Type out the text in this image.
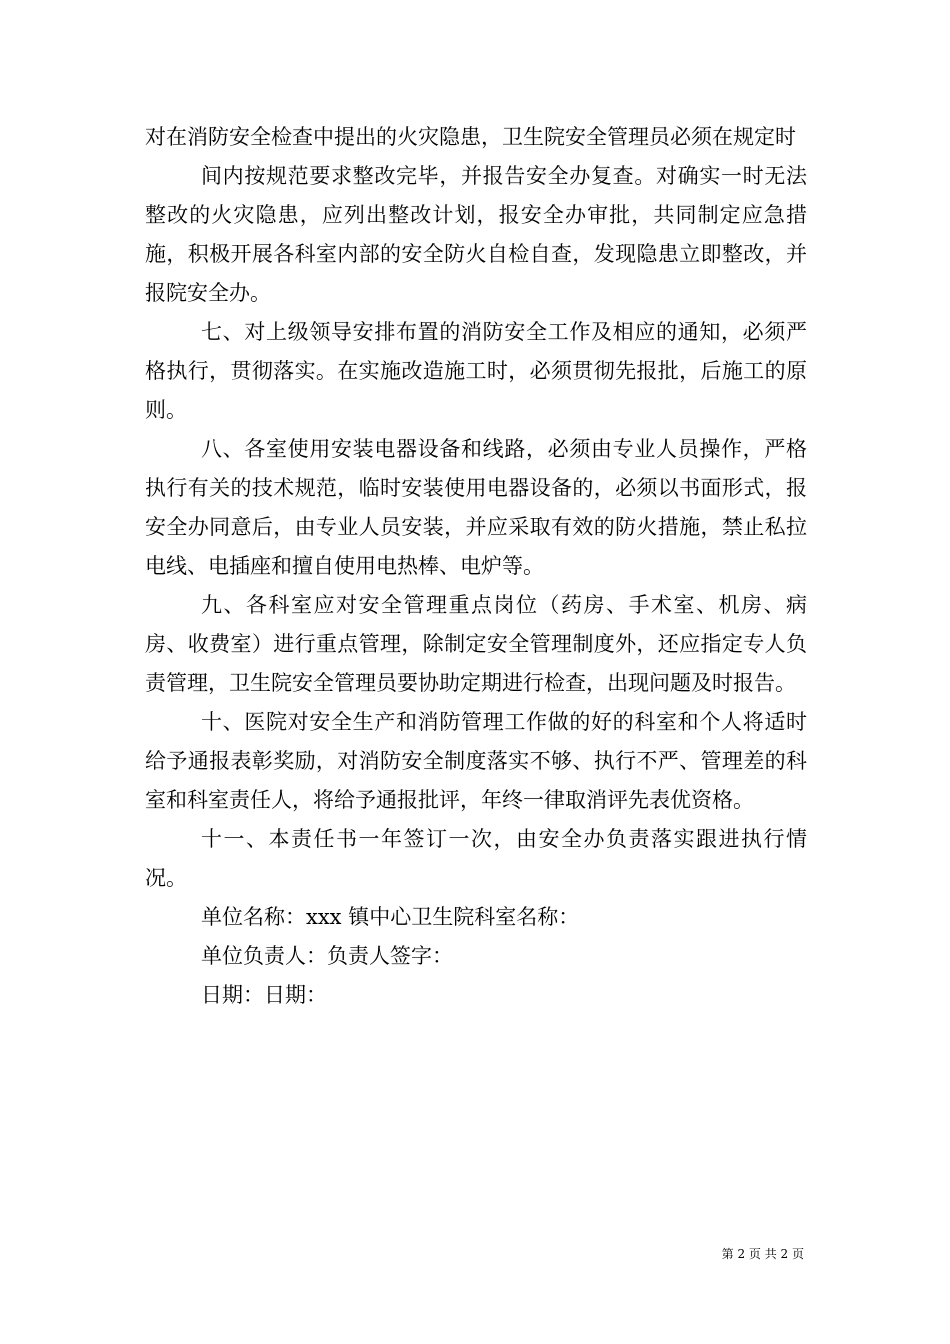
对在消防安全检查中提出的火灾隐患，卫生院安全管理员必须在规定时

间内按规范要求整改完毕，并报告安全办复查。对确实一时无法整改的火灾隐患，应列出整改计划，报安全办审批，共同制定应急措施，积极开展各科室内部的安全防火自检自查，发现隐患立即整改，并报院安全办。

七、对上级领导安排布置的消防安全工作及相应的通知，必须严格执行，贯彻落实。在实施改造施工时，必须贯彻先报批，后施工的原则。

八、各室使用安装电器设备和线路，必须由专业人员操作，严格执行有关的技术规范，临时安装使用电器设备的，必须以书面形式，报安全办同意后，由专业人员安装，并应采取有效的防火措施，禁止私拉电线、电插座和擅自使用电热棒、电炉等。

九、各科室应对安全管理重点岗位（药房、手术室、机房、病房、收费室）进行重点管理，除制定安全管理制度外，还应指定专人负责管理，卫生院安全管理员要协助定期进行检查，出现问题及时报告。

十、医院对安全生产和消防管理工作做的好的科室和个人将适时给予通报表彰奖励，对消防安全制度落实不够、执行不严、管理差的科室和科室责任人，将给予通报批评，年终一律取消评先表优资格。

十一、本责任书一年签订一次，由安全办负责落实跟进执行情况。

单位名称：xxx 镇中心卫生院科室名称：

单位负责人：负责人签字：

日期：日期：

第 2 页 共 2 页
